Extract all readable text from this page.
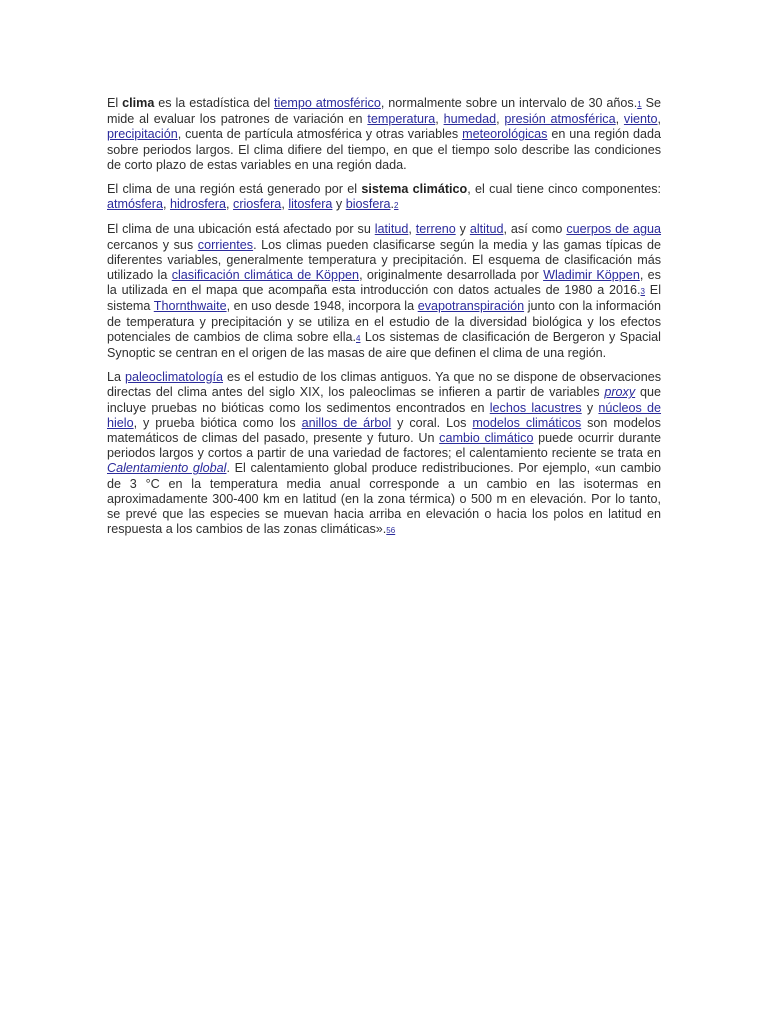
El clima es la estadística del tiempo atmosférico, normalmente sobre un intervalo de 30 años.1 Se mide al evaluar los patrones de variación en temperatura, humedad, presión atmosférica, viento, precipitación, cuenta de partícula atmosférica y otras variables meteorológicas en una región dada sobre periodos largos. El clima difiere del tiempo, en que el tiempo solo describe las condiciones de corto plazo de estas variables en una región dada.

El clima de una región está generado por el sistema climático, el cual tiene cinco componentes: atmósfera, hidrosfera, criosfera, litosfera y biosfera.2

El clima de una ubicación está afectado por su latitud, terreno y altitud, así como cuerpos de agua cercanos y sus corrientes. Los climas pueden clasificarse según la media y las gamas típicas de diferentes variables, generalmente temperatura y precipitación. El esquema de clasificación más utilizado la clasificación climática de Köppen, originalmente desarrollada por Wladimir Köppen, es la utilizada en el mapa que acompaña esta introducción con datos actuales de 1980 a 2016.3 El sistema Thornthwaite, en uso desde 1948, incorpora la evapotranspiración junto con la información de temperatura y precipitación y se utiliza en el estudio de la diversidad biológica y los efectos potenciales de cambios de clima sobre ella.4 Los sistemas de clasificación de Bergeron y Spacial Synoptic se centran en el origen de las masas de aire que definen el clima de una región.

La paleoclimatología es el estudio de los climas antiguos. Ya que no se dispone de observaciones directas del clima antes del siglo XIX, los paleoclimas se infieren a partir de variables proxy que incluye pruebas no bióticas como los sedimentos encontrados en lechos lacustres y núcleos de hielo, y prueba biótica como los anillos de árbol y coral. Los modelos climáticos son modelos matemáticos de climas del pasado, presente y futuro. Un cambio climático puede ocurrir durante periodos largos y cortos a partir de una variedad de factores; el calentamiento reciente se trata en Calentamiento global. El calentamiento global produce redistribuciones. Por ejemplo, «un cambio de 3 °C en la temperatura media anual corresponde a un cambio en las isotermas en aproximadamente 300-400 km en latitud (en la zona térmica) o 500 m en elevación. Por lo tanto, se prevé que las especies se muevan hacia arriba en elevación o hacia los polos en latitud en respuesta a los cambios de las zonas climáticas».56
